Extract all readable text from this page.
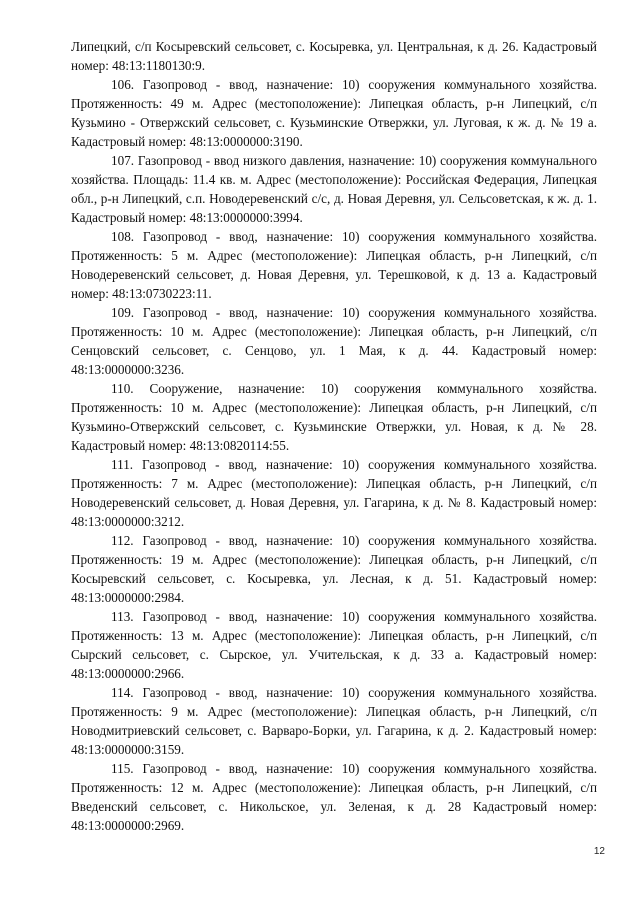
Липецкий, с/п Косыревский сельсовет, с. Косыревка, ул. Центральная, к д. 26. Кадастровый номер: 48:13:1180130:9.

106. Газопровод - ввод, назначение: 10) сооружения коммунального хозяйства. Протяженность: 49 м. Адрес (местоположение): Липецкая область, р-н Липецкий, с/п Кузьмино - Отвержский сельсовет, с. Кузьминские Отвержки, ул. Луговая, к ж. д. № 19 а. Кадастровый номер: 48:13:0000000:3190.

107. Газопровод - ввод низкого давления, назначение: 10) сооружения коммунального хозяйства. Площадь: 11.4 кв. м. Адрес (местоположение): Российская Федерация, Липецкая обл., р-н Липецкий, с.п. Новодеревенский с/с, д. Новая Деревня, ул. Сельсоветская, к ж. д. 1. Кадастровый номер: 48:13:0000000:3994.

108. Газопровод - ввод, назначение: 10) сооружения коммунального хозяйства. Протяженность: 5 м. Адрес (местоположение): Липецкая область, р-н Липецкий, с/п Новодеревенский сельсовет, д. Новая Деревня, ул. Терешковой, к д. 13 а. Кадастровый номер: 48:13:0730223:11.

109. Газопровод - ввод, назначение: 10) сооружения коммунального хозяйства. Протяженность: 10 м. Адрес (местоположение): Липецкая область, р-н Липецкий, с/п Сенцовский сельсовет, с. Сенцово, ул. 1 Мая, к д. 44. Кадастровый номер: 48:13:0000000:3236.

110. Сооружение, назначение: 10) сооружения коммунального хозяйства. Протяженность: 10 м. Адрес (местоположение): Липецкая область, р-н Липецкий, с/п Кузьмино-Отвержский сельсовет, с. Кузьминские Отвержки, ул. Новая, к д. № 28. Кадастровый номер: 48:13:0820114:55.

111. Газопровод - ввод, назначение: 10) сооружения коммунального хозяйства. Протяженность: 7 м. Адрес (местоположение): Липецкая область, р-н Липецкий, с/п Новодеревенский сельсовет, д. Новая Деревня, ул. Гагарина, к д. № 8. Кадастровый номер: 48:13:0000000:3212.

112. Газопровод - ввод, назначение: 10) сооружения коммунального хозяйства. Протяженность: 19 м. Адрес (местоположение): Липецкая область, р-н Липецкий, с/п Косыревский сельсовет, с. Косыревка, ул. Лесная, к д. 51. Кадастровый номер: 48:13:0000000:2984.

113. Газопровод - ввод, назначение: 10) сооружения коммунального хозяйства. Протяженность: 13 м. Адрес (местоположение): Липецкая область, р-н Липецкий, с/п Сырский сельсовет, с. Сырское, ул. Учительская, к д. 33 а. Кадастровый номер: 48:13:0000000:2966.

114. Газопровод - ввод, назначение: 10) сооружения коммунального хозяйства. Протяженность: 9 м. Адрес (местоположение): Липецкая область, р-н Липецкий, с/п Новодмитриевский сельсовет, с. Варваро-Борки, ул. Гагарина, к д. 2. Кадастровый номер: 48:13:0000000:3159.

115. Газопровод - ввод, назначение: 10) сооружения коммунального хозяйства. Протяженность: 12 м. Адрес (местоположение): Липецкая область, р-н Липецкий, с/п Введенский сельсовет, с. Никольское, ул. Зеленая, к д. 28 Кадастровый номер: 48:13:0000000:2969.

12
